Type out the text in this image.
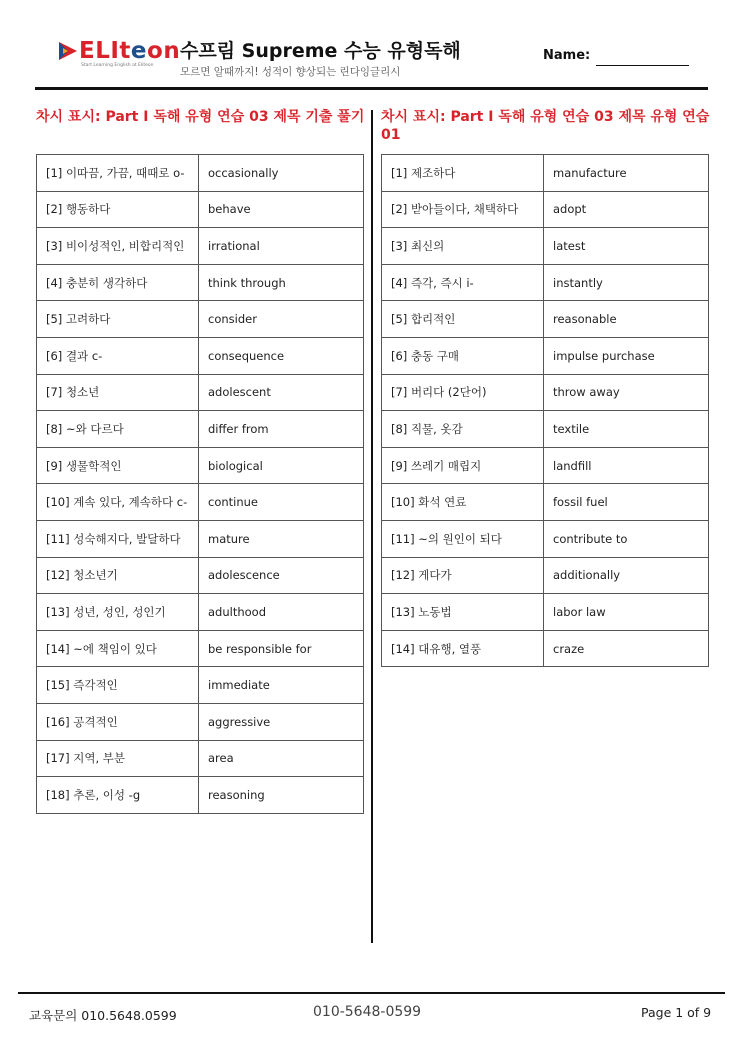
ELIteon
Start Learning English at Eliteon
수프림 Supreme 수능 유형독해
모르면 알때까지! 성적이 향상되는 린다잉글리시
Name:
차시 표시: Part I 독해 유형 연습 03 제목 기출 풀기 차시 표시: Part I 독해 유형 연습 03 제목 유형 연습 01
[1] 이따끔, 가끔, 때때로 o-	occasionally
[2] 행동하다	behave
[3] 비이성적인, 비합리적인	irrational
[4] 충분히 생각하다	think through
[5] 고려하다	consider
[6] 결과 c-	consequence
[7] 청소년	adolescent
[8] ~와 다르다	differ from
[9] 생물학적인	biological
[10] 계속 있다, 계속하다 c-	continue
[11] 성숙해지다, 발달하다	mature
[12] 청소년기	adolescence
[13] 성년, 성인, 성인기	adulthood
[14] ~에 책임이 있다	be responsible for
[15] 즉각적인	immediate
[16] 공격적인	aggressive
[17] 지역, 부분	area
[18] 추론, 이성 -g	reasoning
[1] 제조하다	manufacture
[2] 받아들이다, 채택하다	adopt
[3] 최신의	latest
[4] 즉각, 즉시 i-	instantly
[5] 합리적인	reasonable
[6] 충동 구매	impulse purchase
[7] 버리다 (2단어)	throw away
[8] 직물, 옷감	textile
[9] 쓰레기 매립지	landfill
[10] 화석 연료	fossil fuel
[11] ~의 원인이 되다	contribute to
[12] 게다가	additionally
[13] 노동법	labor law
[14] 대유행, 열풍	craze
교육문의 010.5648.0599	010-5648-0599	Page 1 of 9
